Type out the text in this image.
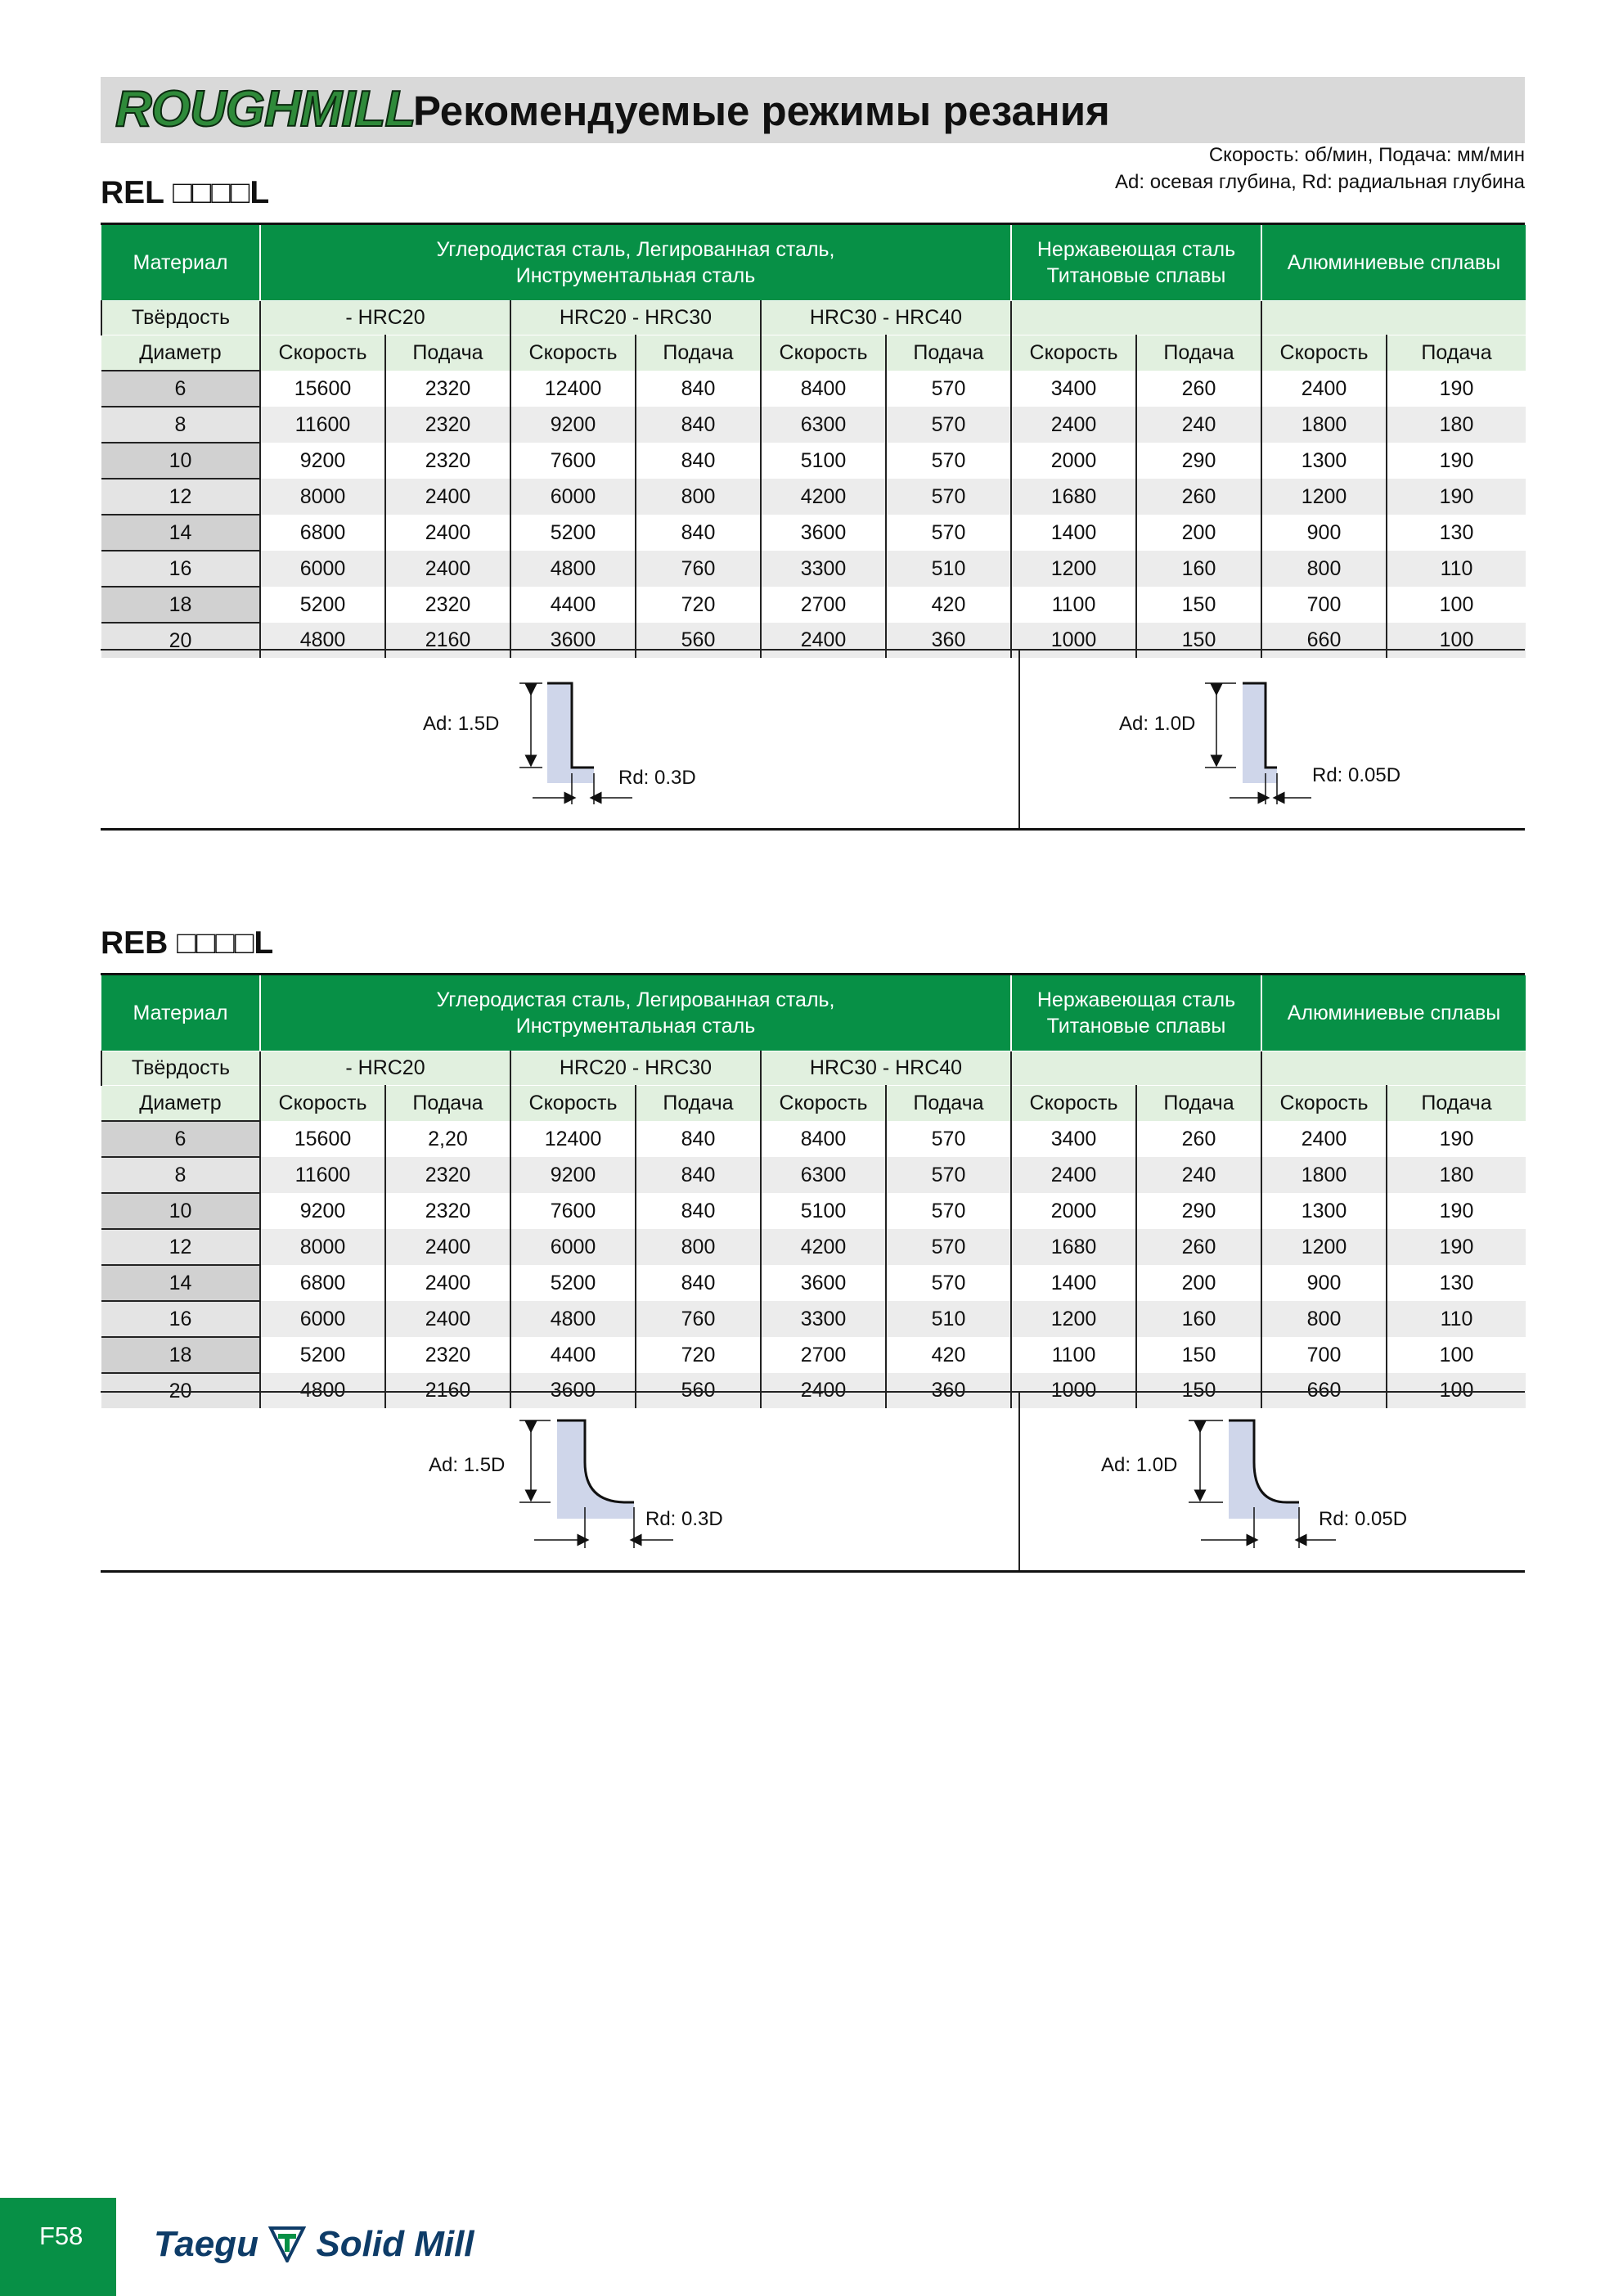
ROUGHMILL
Рекомендуемые режимы резания
Скорость: об/мин, Подача: мм/мин
Ad: осевая глубина, Rd: радиальная глубина
REL □□□□L
Материал	Углеродистая сталь, Легированная сталь,
Инструментальная сталь						Нержавеющая сталь
Титановые сплавы		Алюминиевые сплавы	
Твёрдость	- HRC20		HRC20 - HRC30		HRC30 - HRC40					
Диаметр	Скорость	Подача	Скорость	Подача	Скорость	Подача	Скорость	Подача	Скорость	Подача
6	15600	2320	12400	840	8400	570	3400	260	2400	190
8	11600	2320	9200	840	6300	570	2400	240	1800	180
10	9200	2320	7600	840	5100	570	2000	290	1300	190
12	8000	2400	6000	800	4200	570	1680	260	1200	190
14	6800	2400	5200	840	3600	570	1400	200	900	130
16	6000	2400	4800	760	3300	510	1200	160	800	110
18	5200	2320	4400	720	2700	420	1100	150	700	100
20	4800	2160	3600	560	2400	360	1000	150	660	100
Ad: 1.5D
Rd: 0.3D
Ad: 1.0D
Rd: 0.05D
REB □□□□L
Материал	Углеродистая сталь, Легированная сталь,
Инструментальная сталь						Нержавеющая сталь
Титановые сплавы		Алюминиевые сплавы	
Твёрдость	- HRC20		HRC20 - HRC30		HRC30 - HRC40					
Диаметр	Скорость	Подача	Скорость	Подача	Скорость	Подача	Скорость	Подача	Скорость	Подача
6	15600	2,20	12400	840	8400	570	3400	260	2400	190
8	11600	2320	9200	840	6300	570	2400	240	1800	180
10	9200	2320	7600	840	5100	570	2000	290	1300	190
12	8000	2400	6000	800	4200	570	1680	260	1200	190
14	6800	2400	5200	840	3600	570	1400	200	900	130
16	6000	2400	4800	760	3300	510	1200	160	800	110
18	5200	2320	4400	720	2700	420	1100	150	700	100
20	4800	2160	3600	560	2400	360	1000	150	660	100
Ad: 1.5D
Rd: 0.3D
Ad: 1.0D
Rd: 0.05D
F58 Taegu Solid Mill
